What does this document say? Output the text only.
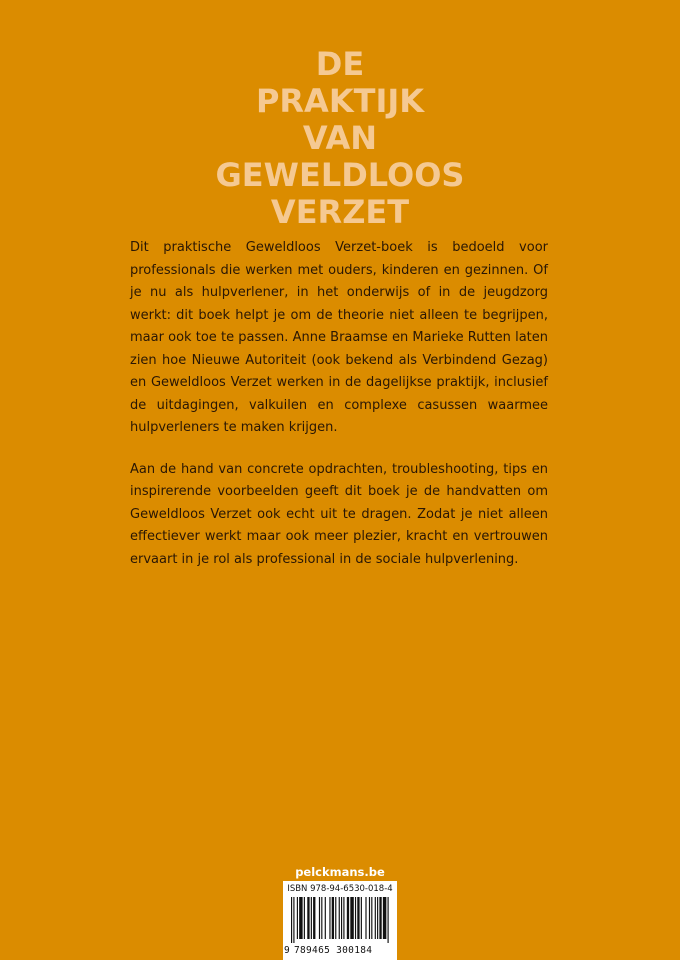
DE
PRAKTIJK
VAN
GEWELDLOOS
VERZET

Dit praktische Geweldloos Verzet-boek is bedoeld voor professionals die werken met ouders, kinderen en gezinnen. Of je nu als hulpverlener, in het onderwijs of in de jeugdzorg werkt: dit boek helpt je om de theorie niet alleen te begrijpen, maar ook toe te passen. Anne Braamse en Marieke Rutten laten zien hoe Nieuwe Autoriteit (ook bekend als Verbindend Gezag) en Geweldloos Verzet werken in de dagelijkse praktijk, inclusief de uitdagingen, valkuilen en complexe casussen waarmee hulpverleners te maken krijgen.

Aan de hand van concrete opdrachten, troubleshooting, tips en inspirerende voorbeelden geeft dit boek je de handvatten om Geweldloos Verzet ook echt uit te dragen. Zodat je niet alleen effectiever werkt maar ook meer plezier, kracht en vertrouwen ervaart in je rol als professional in de sociale hulpverlening.

pelckmans.be
ISBN 978-94-6530-018-4
9 789465 300184
